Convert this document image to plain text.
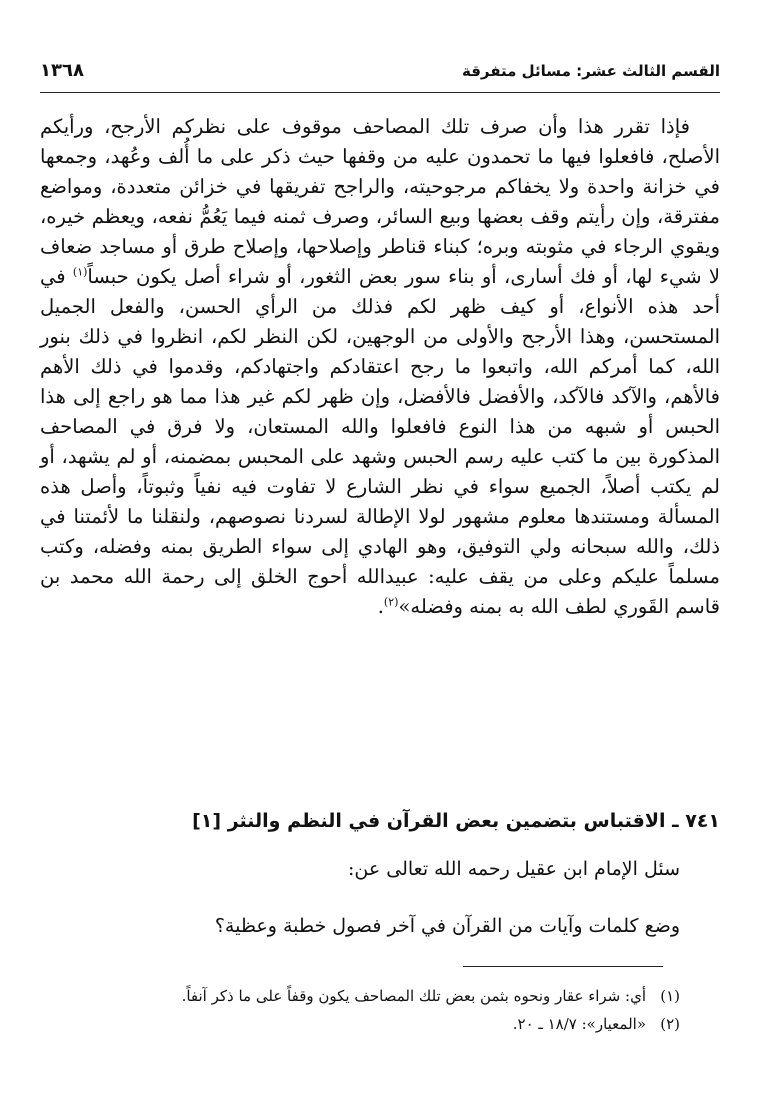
القسم الثالث عشر: مسائل متفرقة
١٣٦٨
فإذا تقرر هذا وأن صرف تلك المصاحف موقوف على نظركم الأرجح، ورأيكم الأصلح، فافعلوا فيها ما تحمدون عليه من وقفها حيث ذكر على ما أُلف وعُهد، وجمعها في خزانة واحدة ولا يخفاكم مرجوحيته، والراجح تفريقها في خزائن متعددة، ومواضع مفترقة، وإن رأيتم وقف بعضها وبيع السائر، وصرف ثمنه فيما يَعُمُّ نفعه، ويعظم خيره، ويقوي الرجاء في مثوبته وبره؛ كبناء قناطر وإصلاحها، وإصلاح طرق أو مساجد ضعاف لا شيء لها، أو فك أسارى، أو بناء سور بعض الثغور، أو شراء أصل يكون حبساً$^{(١)}$ في أحد هذه الأنواع، أو كيف ظهر لكم فذلك من الرأي الحسن، والفعل الجميل المستحسن، وهذا الأرجح والأولى من الوجهين، لكن النظر لكم، انظروا في ذلك بنور الله، كما أمركم الله، واتبعوا ما رجح اعتقادكم واجتهادكم، وقدموا في ذلك الأهم فالأهم، والآكد فالآكد، والأفضل فالأفضل، وإن ظهر لكم غير هذا مما هو راجع إلى هذا الحبس أو شبهه من هذا النوع فافعلوا والله المستعان، ولا فرق في المصاحف المذكورة بين ما كتب عليه رسم الحبس وشهد على المحبس بمضمنه، أو لم يشهد، أو لم يكتب أصلاً، الجميع سواء في نظر الشارع لا تفاوت فيه نفياً وثبوتاً، وأصل هذه المسألة ومستندها معلوم مشهور لولا الإطالة لسردنا نصوصهم، ولنقلنا ما لأئمتنا في ذلك، والله سبحانه ولي التوفيق، وهو الهادي إلى سواء الطريق بمنه وفضله، وكتب مسلماً عليكم وعلى من يقف عليه: عبيدالله أحوج الخلق إلى رحمة الله محمد بن قاسم القَوري لطف الله به بمنه وفضله»$^{(٢)}$.
٧٤١ ـ الاقتباس بتضمين بعض القرآن في النظم والنثر [١]
سئل الإمام ابن عقيل رحمه الله تعالى عن:
وضع كلمات وآيات من القرآن في آخر فصول خطبة وعظية؟
(١)أي: شراء عقار ونحوه بثمن بعض تلك المصاحف يكون وقفاً على ما ذكر آنفاً.
(٢)«المعيار»: ١٨/٧ ـ ٢٠.
